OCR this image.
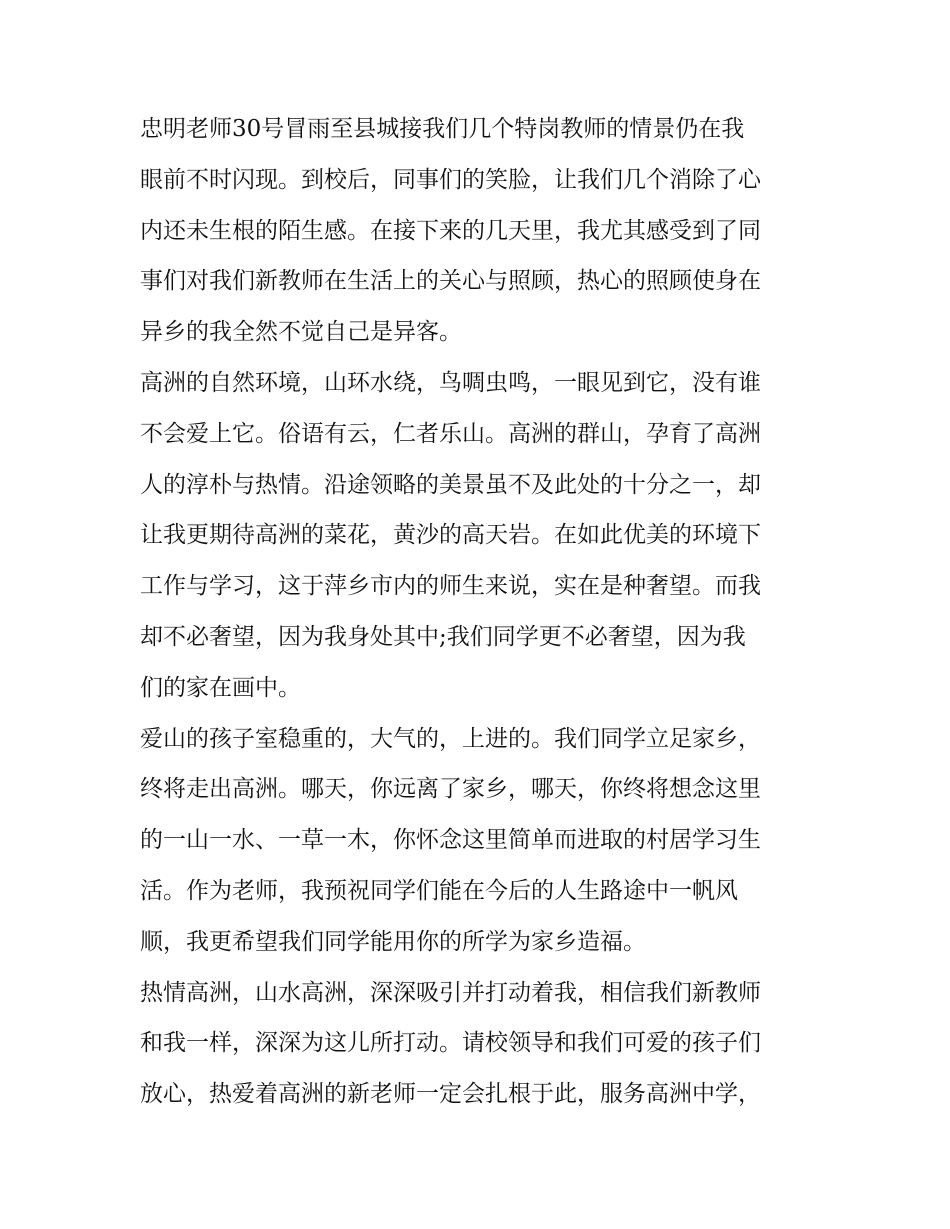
忠明老师30号冒雨至县城接我们几个特岗教师的情景仍在我
眼前不时闪现。到校后，同事们的笑脸，让我们几个消除了心
内还未生根的陌生感。在接下来的几天里，我尤其感受到了同
事们对我们新教师在生活上的关心与照顾，热心的照顾使身在
异乡的我全然不觉自己是异客。
高洲的自然环境，山环水绕，鸟啁虫鸣，一眼见到它，没有谁
不会爱上它。俗语有云，仁者乐山。高洲的群山，孕育了高洲
人的淳朴与热情。沿途领略的美景虽不及此处的十分之一，却
让我更期待高洲的菜花，黄沙的高天岩。在如此优美的环境下
工作与学习，这于萍乡市内的师生来说，实在是种奢望。而我
却不必奢望，因为我身处其中;我们同学更不必奢望，因为我
们的家在画中。
爱山的孩子室稳重的，大气的，上进的。我们同学立足家乡，
终将走出高洲。哪天，你远离了家乡，哪天，你终将想念这里
的一山一水、一草一木，你怀念这里简单而进取的村居学习生
活。作为老师，我预祝同学们能在今后的人生路途中一帆风
顺，我更希望我们同学能用你的所学为家乡造福。
热情高洲，山水高洲，深深吸引并打动着我，相信我们新教师
和我一样，深深为这儿所打动。请校领导和我们可爱的孩子们
放心，热爱着高洲的新老师一定会扎根于此，服务高洲中学，
